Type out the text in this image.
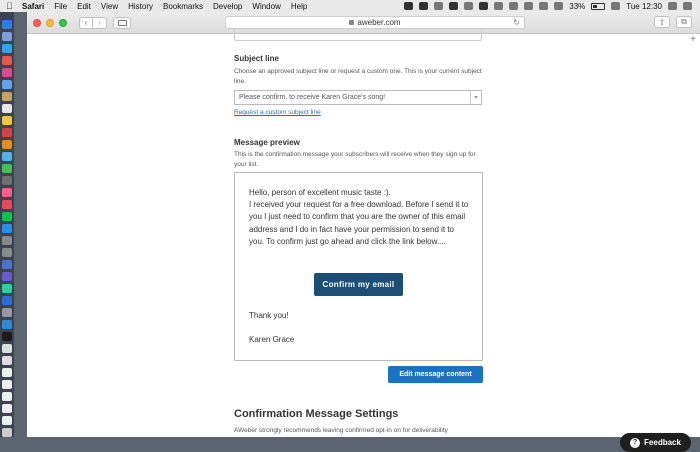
Safari File Edit View History Bookmarks Develop Window Help	33%	Tue 12:30
‹	›	aweber.com	↻	⇧	⧉
+
Subject line
Choose an approved subject line or request a custom one. This is your current subject line.
Please confirm, to receive Karen Grace's song!	▾
Request a custom subject line
Message preview
This is the confirmation message your subscribers will receive when they sign up for your list.
Hello, person of excellent music taste :).
I received your request for a free download. Before I send it to you I just need to confirm that you are the owner of this email address and I do in fact have your permission to send it to you. To confirm just go ahead and click the link below....
Confirm my email
Thank you!
Karen Grace
Edit message content
Confirmation Message Settings
AWeber strongly recommends leaving confirmed opt-in on for deliverability
? Feedback
